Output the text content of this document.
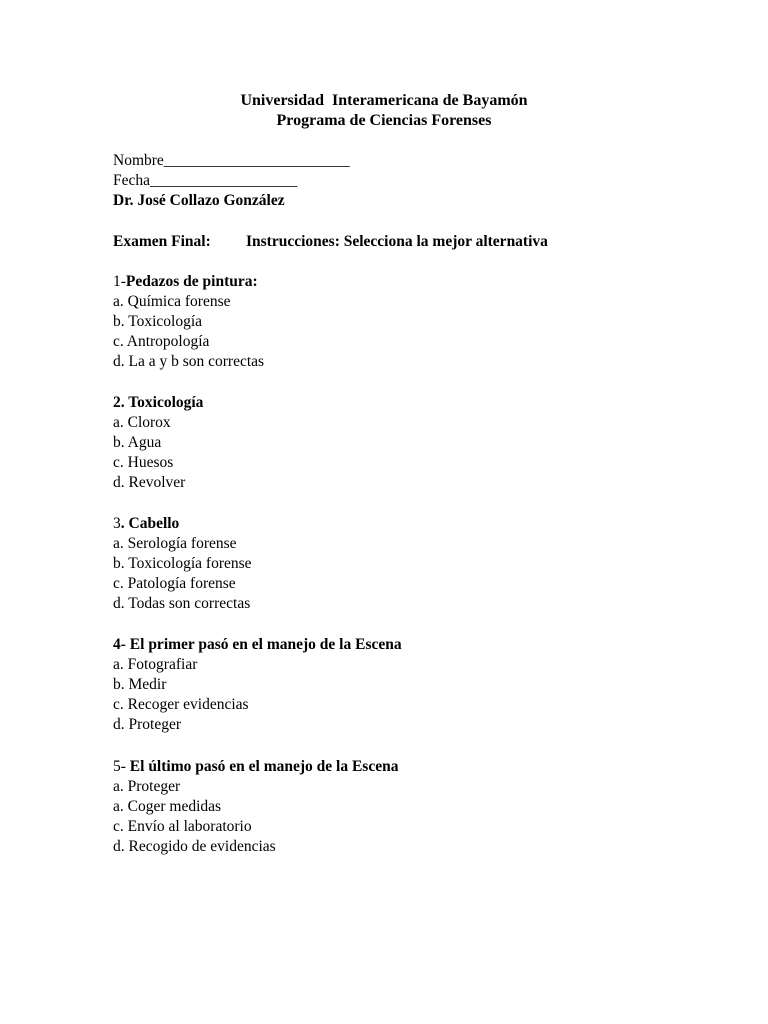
Universidad  Interamericana de Bayamón
Programa de Ciencias Forenses
Nombre________________________
Fecha___________________
Dr. José Collazo González
Examen Final: Instrucciones: Selecciona la mejor alternativa
1-Pedazos de pintura:
a. Química forense
b. Toxicología
c. Antropología
d. La a y b son correctas
2. Toxicología
a. Clorox
b. Agua
c. Huesos
d. Revolver
3. Cabello
a. Serología forense
b. Toxicología forense
c. Patología forense
d. Todas son correctas
4- El primer pasó en el manejo de la Escena
a. Fotografiar
b. Medir
c. Recoger evidencias
d. Proteger
5- El último pasó en el manejo de la Escena
a. Proteger
a. Coger medidas
c. Envío al laboratorio
d. Recogido de evidencias
